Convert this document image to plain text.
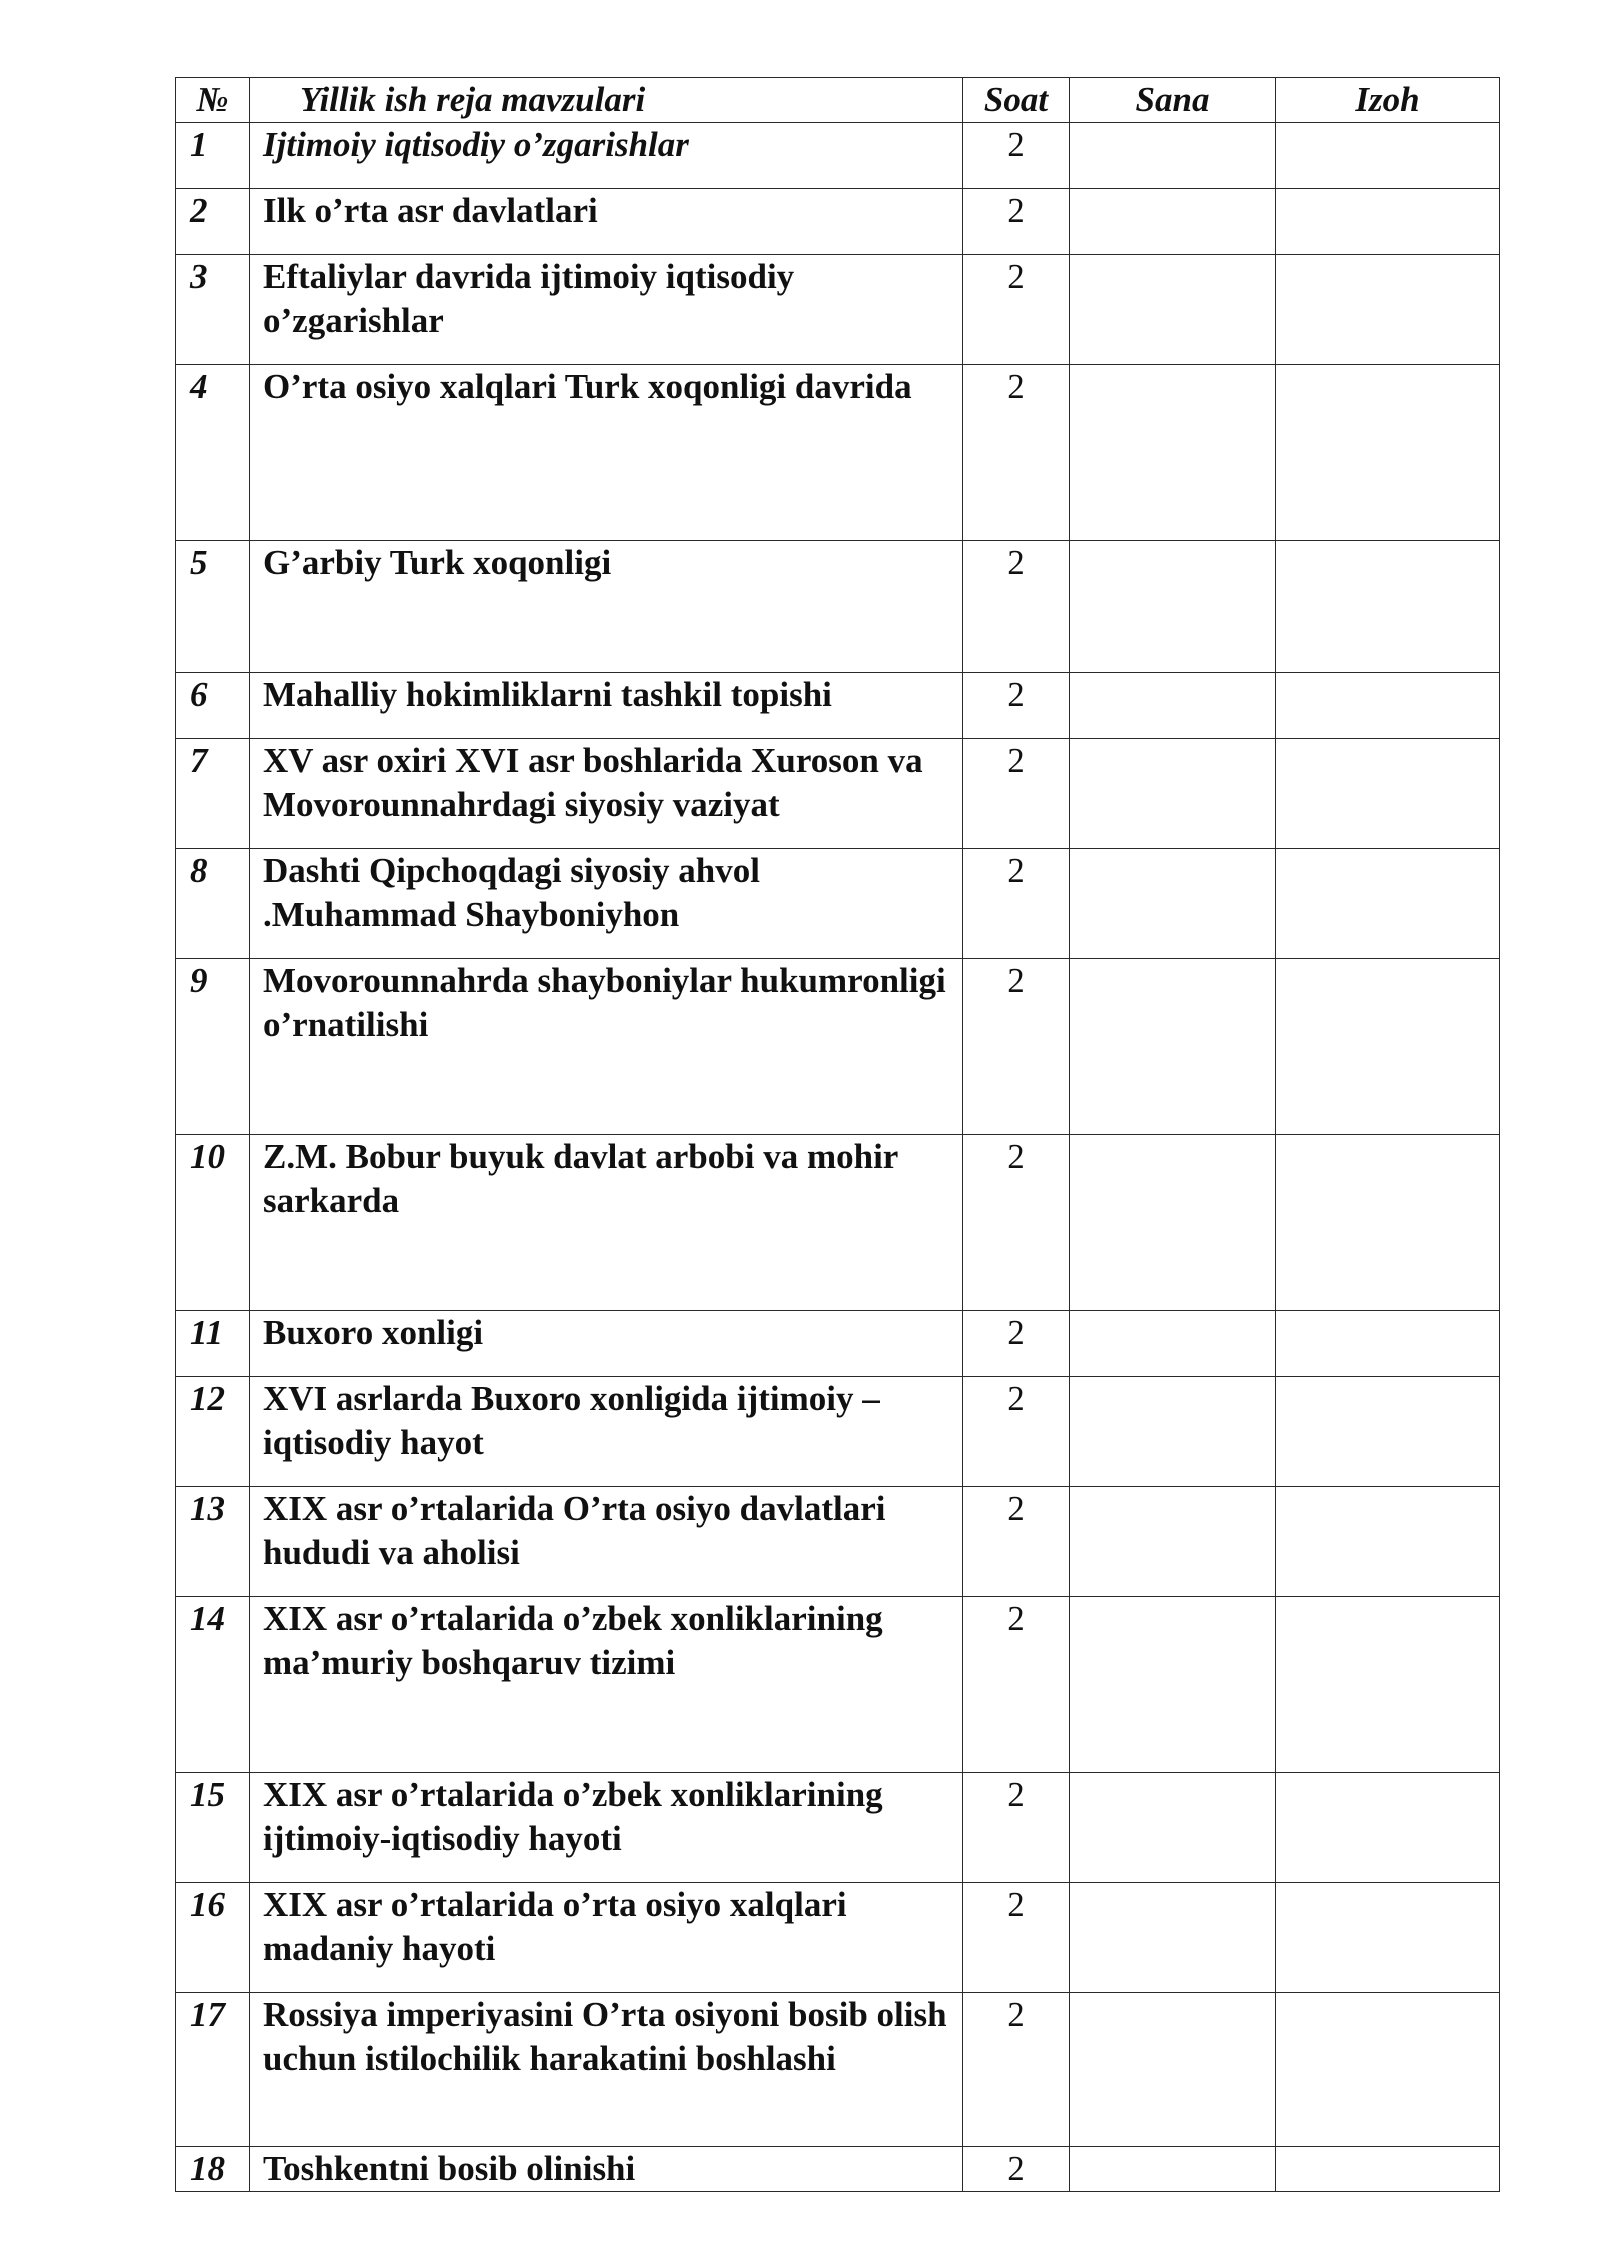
№	Yillik ish reja mavzulari	Soat	Sana	Izoh
1	Ijtimoiy iqtisodiy o’zgarishlar	2		
2	Ilk o’rta asr davlatlari	2		
3	Eftaliylar davrida ijtimoiy iqtisodiy o’zgarishlar	2		
4	O’rta osiyo xalqlari Turk xoqonligi davrida	2		
5	G’arbiy Turk xoqonligi	2		
6	Mahalliy hokimliklarni tashkil topishi	2		
7	XV asr oxiri XVI asr boshlarida Xuroson va Movorounnahrdagi siyosiy vaziyat	2		
8	Dashti Qipchoqdagi siyosiy ahvol .Muhammad Shayboniyhon	2		
9	Movorounnahrda shayboniylar hukumronligi o’rnatilishi	2		
10	Z.M. Bobur buyuk davlat arbobi va mohir sarkarda	2		
11	Buxoro xonligi	2		
12	XVI asrlarda Buxoro xonligida ijtimoiy – iqtisodiy hayot	2		
13	XIX asr o’rtalarida O’rta osiyo davlatlari hududi va aholisi	2		
14	XIX asr o’rtalarida o’zbek xonliklarining ma’muriy boshqaruv tizimi	2		
15	XIX asr o’rtalarida o’zbek xonliklarining ijtimoiy-iqtisodiy hayoti	2		
16	XIX asr o’rtalarida o’rta osiyo xalqlari madaniy hayoti	2		
17	Rossiya imperiyasini O’rta osiyoni bosib olish uchun istilochilik harakatini boshlashi	2		
18	Toshkentni bosib olinishi	2		
